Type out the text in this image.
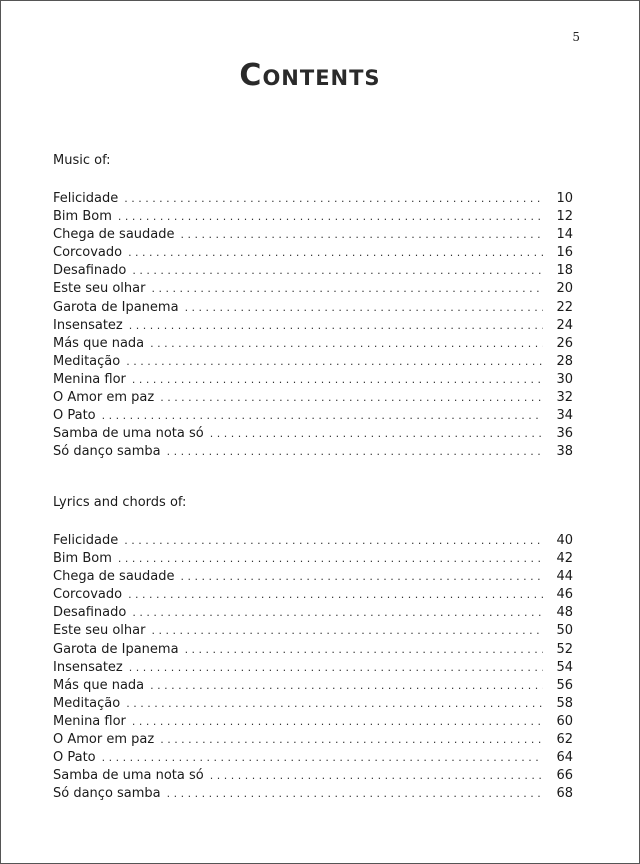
5
Contents
Music of:
Felicidade . . .	10
Bim Bom . . .	12
Chega de saudade . . .	14
Corcovado . . .	16
Desafinado . . .	18
Este seu olhar . . .	20
Garota de Ipanema . . .	22
Insensatez . . .	24
Más que nada . . .	26
Meditação . . .	28
Menina flor . . .	30
O Amor em paz . . .	32
O Pato . . .	34
Samba de uma nota só . . .	36
Só danço samba . . .	38
Lyrics and chords of:
Felicidade . . .	40
Bim Bom . . .	42
Chega de saudade . . .	44
Corcovado . . .	46
Desafinado . . .	48
Este seu olhar . . .	50
Garota de Ipanema . . .	52
Insensatez . . .	54
Más que nada . . .	56
Meditação . . .	58
Menina flor . . .	60
O Amor em paz . . .	62
O Pato . . .	64
Samba de uma nota só . . .	66
Só danço samba . . .	68
